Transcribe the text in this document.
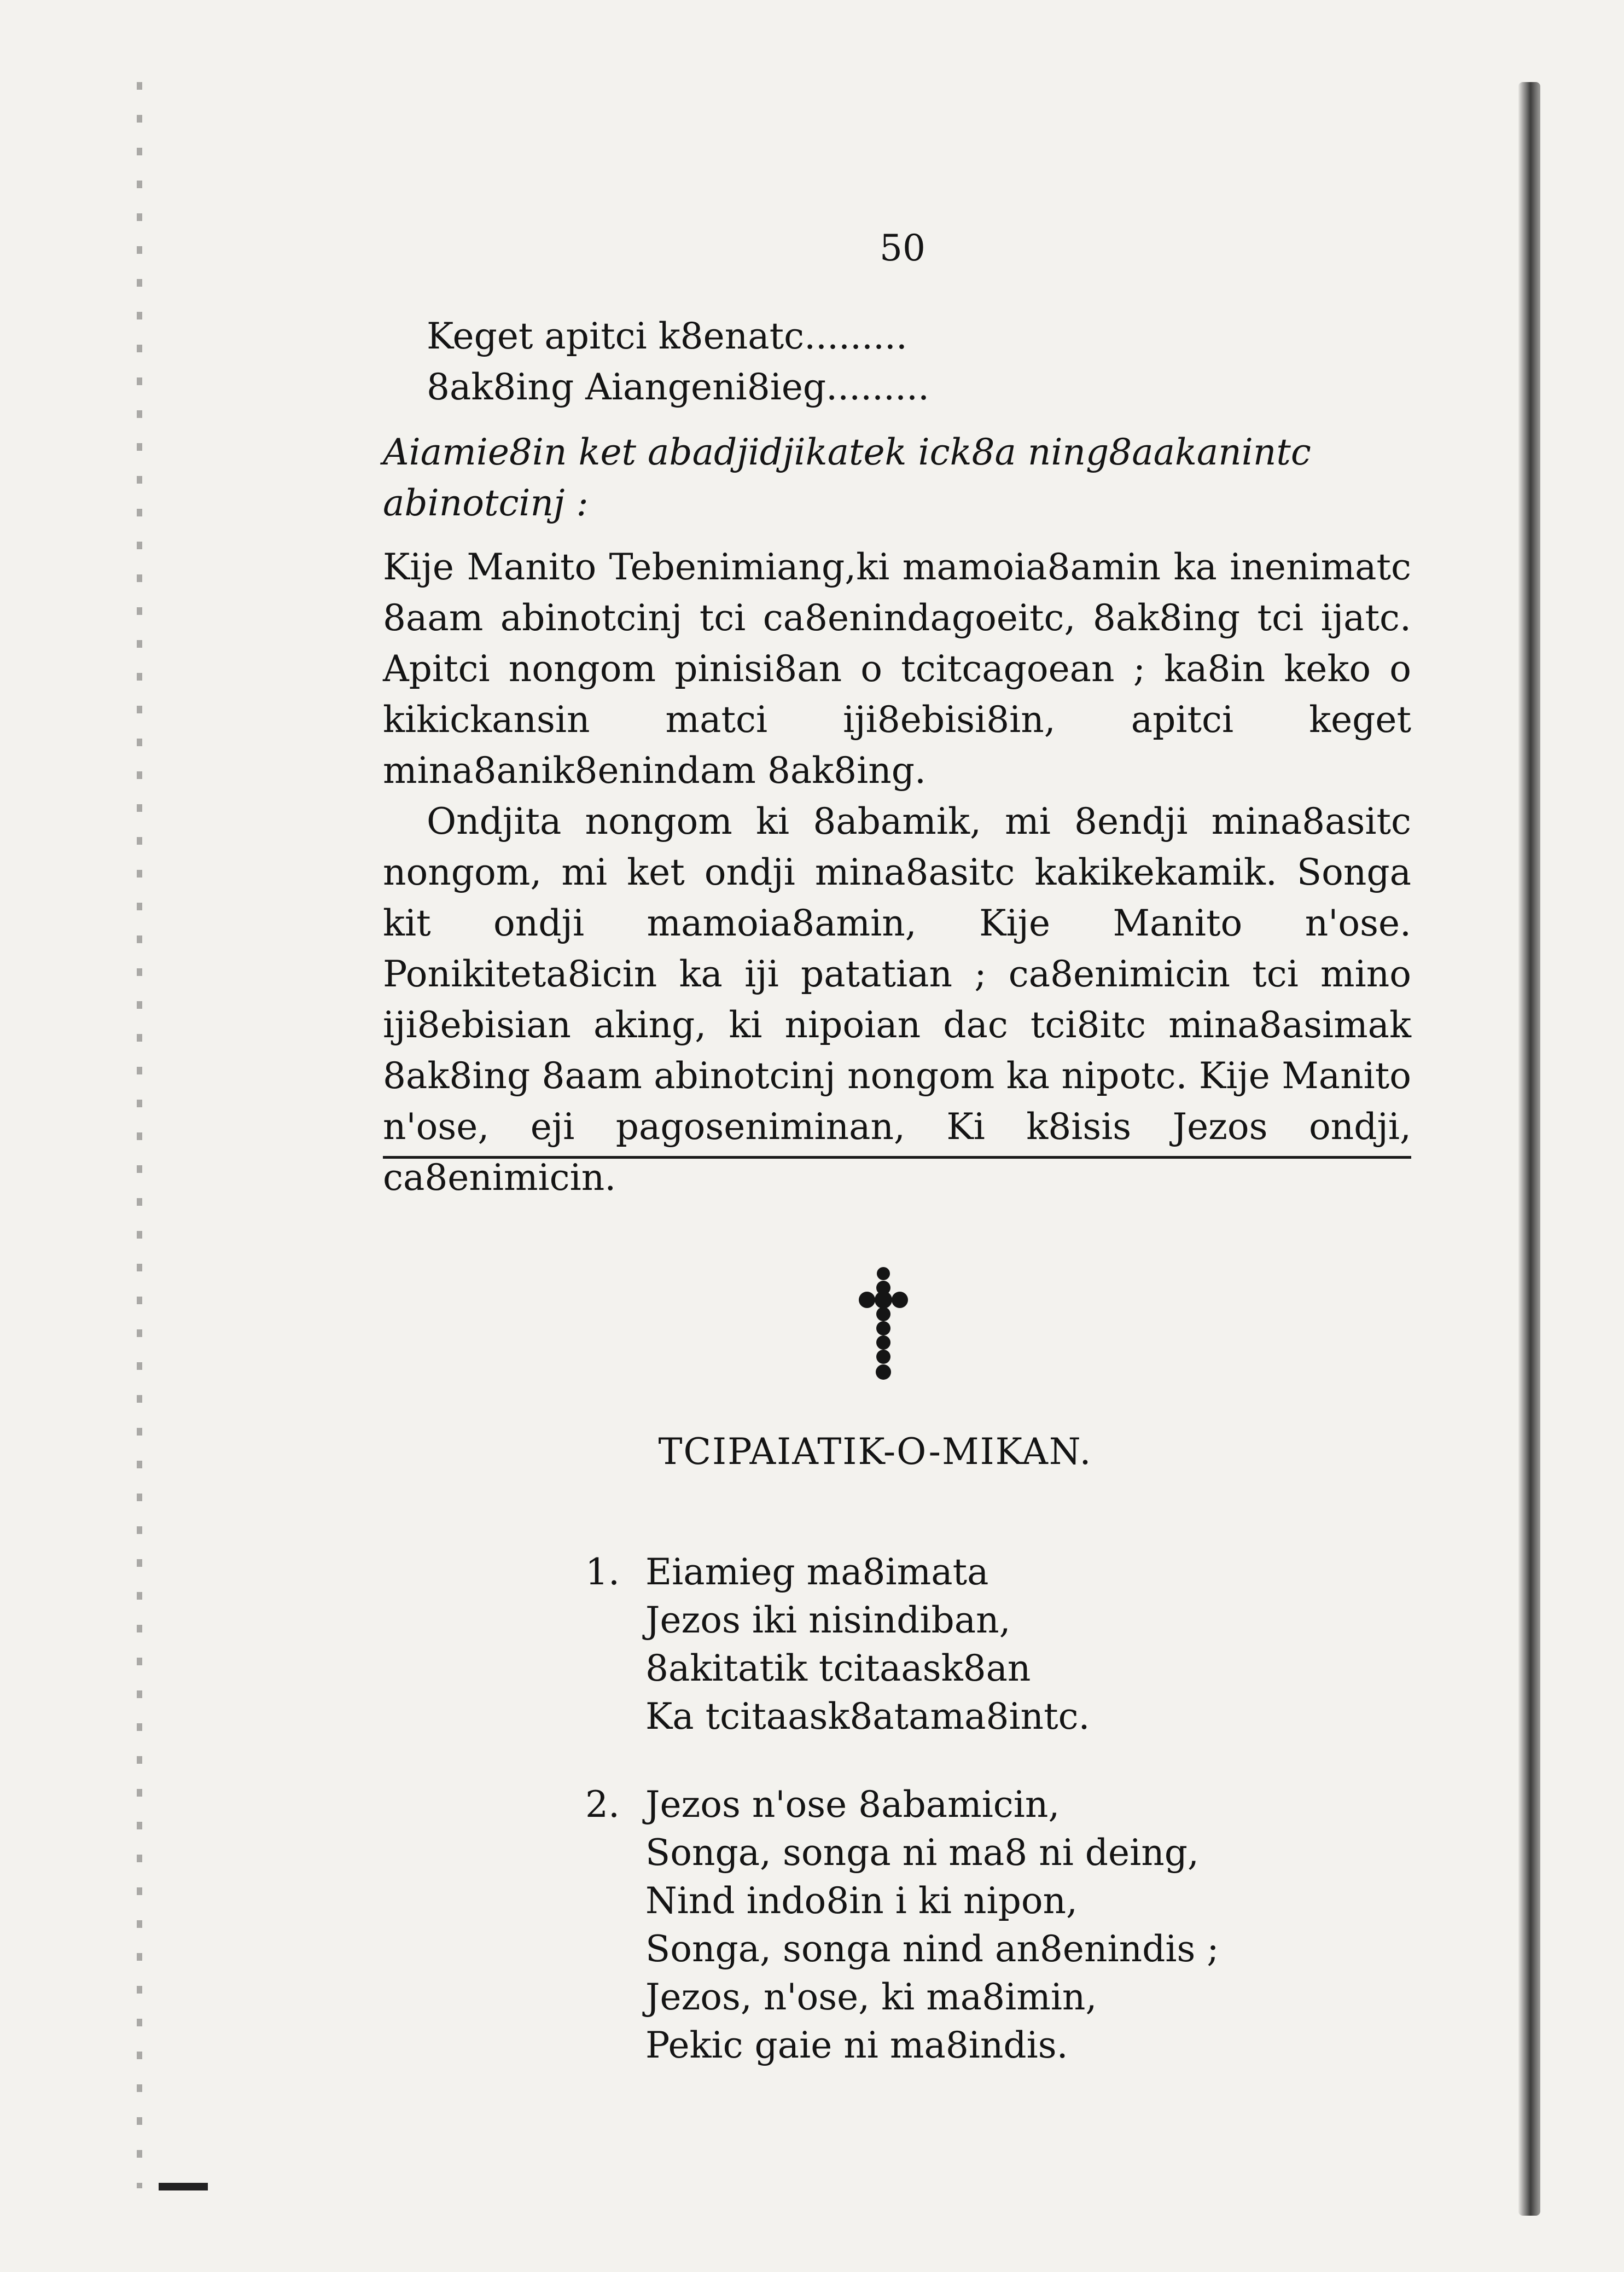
50
Keget apitci k8enatc.........
8ak8ing Aiangeni8ieg.........
Aiamie8in ket abadjidjikatek ick8a ning8aakanintc
abinotcinj :

Kije Manito Tebenimiang,ki mamoia8amin ka inenimatc 8aam abinotcinj tci ca8enindagoeitc, 8ak8ing tci ijatc. Apitci nongom pinisi8an o tcitcagoean ; ka8in keko o kikickansin matci iji8ebisi8in, apitci keget mina8anik8enindam 8ak8ing.

Ondjita nongom ki 8abamik, mi 8endji mina8asitc nongom, mi ket ondji mina8asitc kakikekamik. Songa kit ondji mamoia8amin, Kije Manito n'ose. Ponikiteta8icin ka iji patatian ; ca8enimicin tci mino iji8ebisian aking, ki nipoian dac tci8itc mina8asimak 8ak8ing 8aam abinotcinj nongom ka nipotc. Kije Manito n'ose, eji pagoseniminan, Ki k8isis Jezos ondji, ca8enimicin.

TCIPAIATIK-O-MIKAN.
1. Eiamieg ma8imata
Jezos iki nisindiban,
8akitatik tcitaask8an
Ka tcitaask8atama8intc.
2. Jezos n'ose 8abamicin,
Songa, songa ni ma8 ni deing,
Nind indo8in i ki nipon,
Songa, songa nind an8enindis ;
Jezos, n'ose, ki ma8imin,
Pekic gaie ni ma8indis.
